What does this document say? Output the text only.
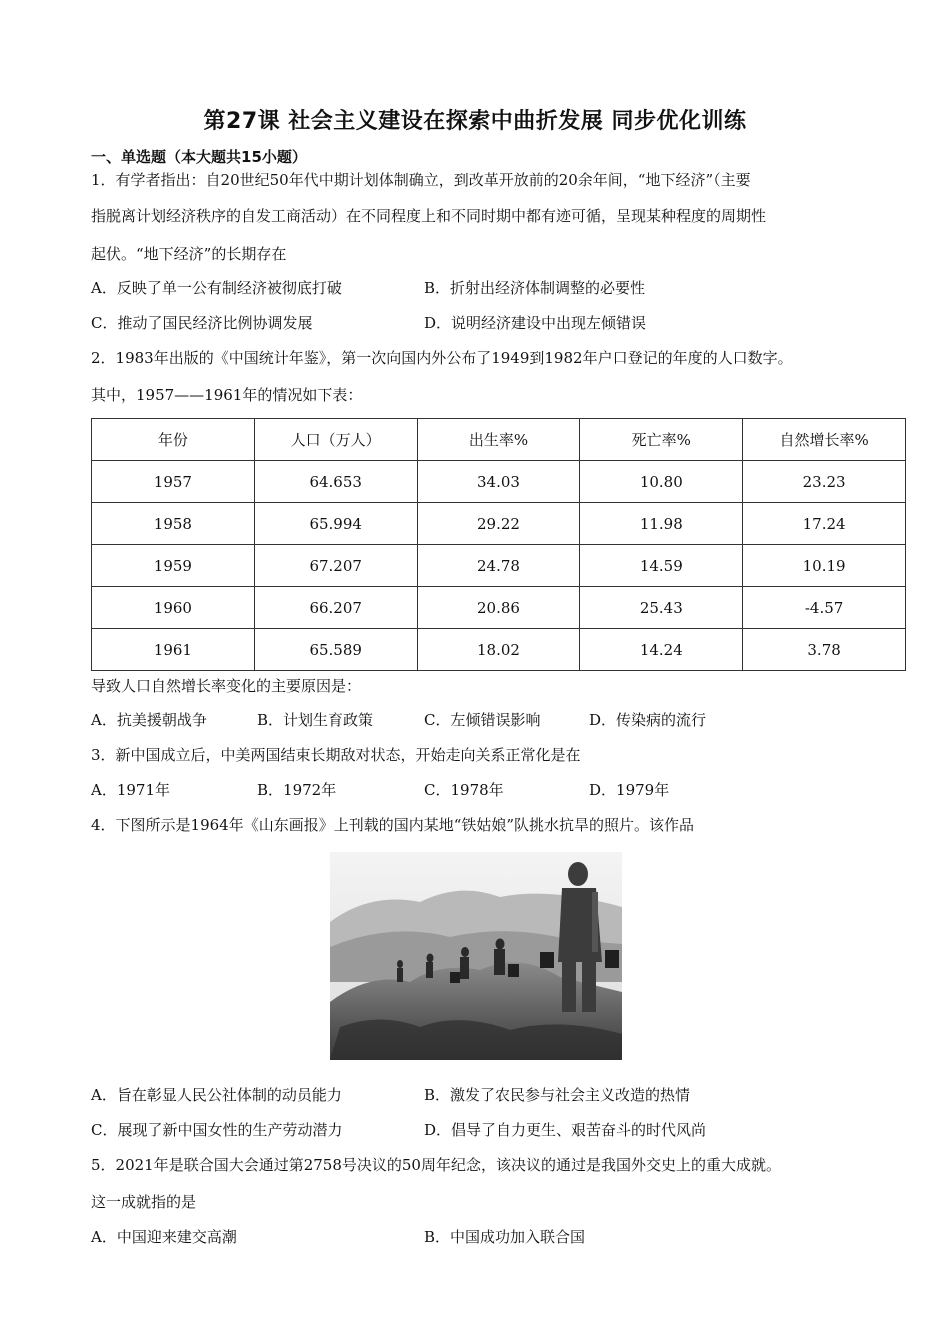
第27课 社会主义建设在探索中曲折发展 同步优化训练
一、单选题（本大题共15小题）
1．有学者指出：自20世纪50年代中期计划体制确立，到改革开放前的20余年间，“地下经济”（主要
指脱离计划经济秩序的自发工商活动）在不同程度上和不同时期中都有迹可循，呈现某种程度的周期性
起伏。“地下经济”的长期存在
A．反映了单一公有制经济被彻底打破	B．折射出经济体制调整的必要性
C．推动了国民经济比例协调发展	D．说明经济建设中出现左倾错误
2．1983年出版的《中国统计年鉴》，第一次向国内外公布了1949到1982年户口登记的年度的人口数字。
其中，1957——1961年的情况如下表：
年份	人口（万人）	出生率%	死亡率%	自然增长率%
1957	64.653	34.03	10.80	23.23
1958	65.994	29.22	11.98	17.24
1959	67.207	24.78	14.59	10.19
1960	66.207	20.86	25.43	-4.57
1961	65.589	18.02	14.24	3.78
导致人口自然增长率变化的主要原因是：
A．抗美援朝战争	B．计划生育政策	C．左倾错误影响	D．传染病的流行
3．新中国成立后，中美两国结束长期敌对状态，开始走向关系正常化是在
A．1971年	B．1972年	C．1978年	D．1979年
4．下图所示是1964年《山东画报》上刊载的国内某地“铁姑娘”队挑水抗旱的照片。该作品
A．旨在彰显人民公社体制的动员能力	B．激发了农民参与社会主义改造的热情
C．展现了新中国女性的生产劳动潜力	D．倡导了自力更生、艰苦奋斗的时代风尚
5．2021年是联合国大会通过第2758号决议的50周年纪念，该决议的通过是我国外交史上的重大成就。
这一成就指的是
A．中国迎来建交高潮	B．中国成功加入联合国
